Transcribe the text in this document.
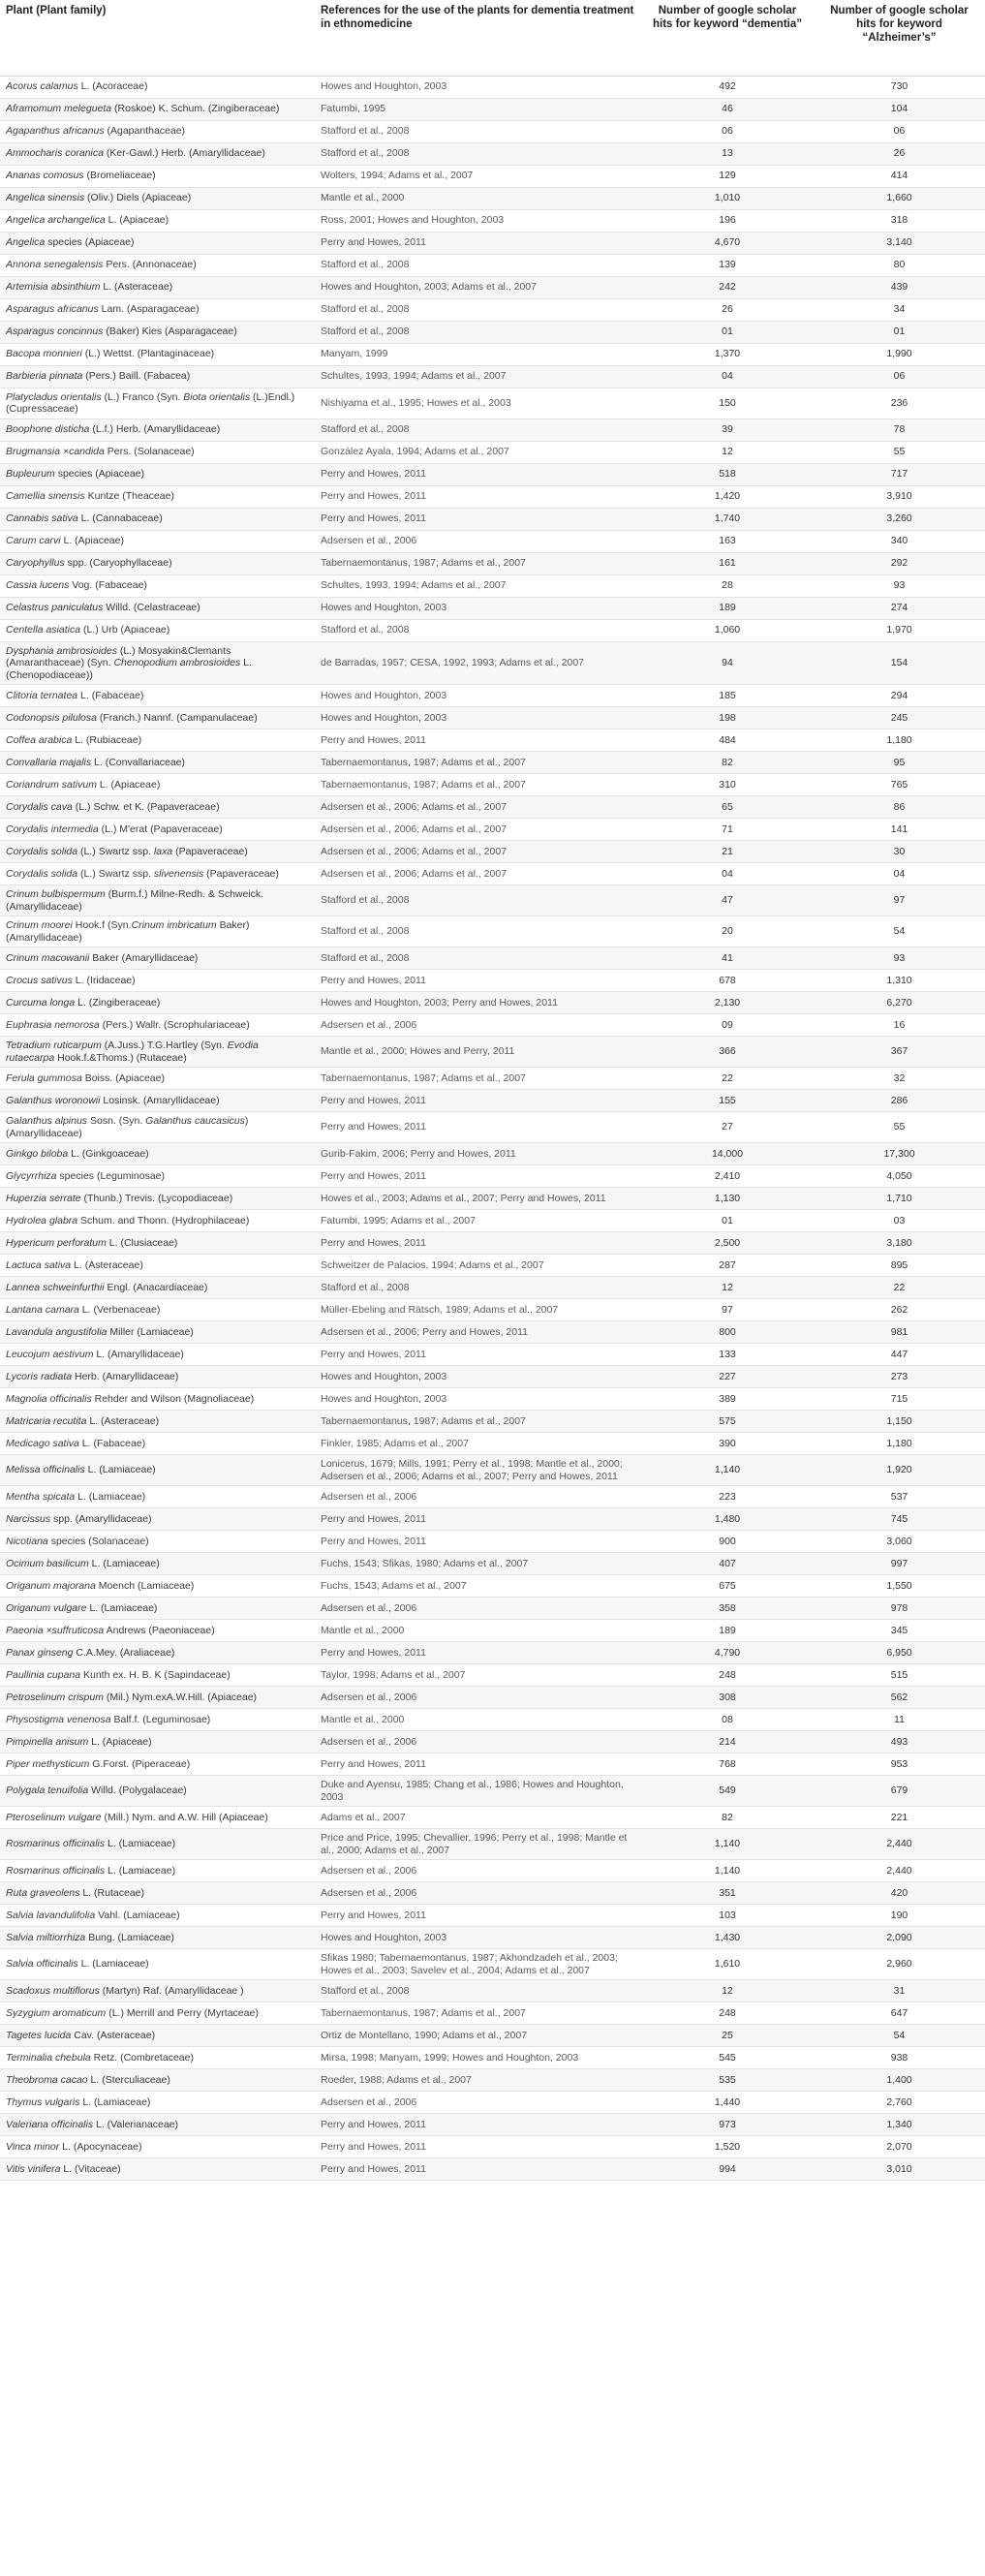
Plant (Plant family)	References for the use of the plants for dementia treatment in ethnomedicine	Number of google scholar hits for keyword “dementia”	Number of google scholar hits for keyword “Alzheimer’s”
Acorus calamus L. (Acoraceae)	Howes and Houghton, 2003	492	730
Aframomum melegueta (Roskoe) K. Schum. (Zingiberaceae)	Fatumbi, 1995	46	104
Agapanthus africanus (Agapanthaceae)	Stafford et al., 2008	06	06
Ammocharis coranica (Ker-Gawl.) Herb. (Amaryllidaceae)	Stafford et al., 2008	13	26
Ananas comosus (Bromeliaceae)	Wolters, 1994; Adams et al., 2007	129	414
Angelica sinensis (Oliv.) Diels (Apiaceae)	Mantle et al., 2000	1,010	1,660
Angelica archangelica L. (Apiaceae)	Ross, 2001; Howes and Houghton, 2003	196	318
Angelica species (Apiaceae)	Perry and Howes, 2011	4,670	3,140
Annona senegalensis Pers. (Annonaceae)	Stafford et al., 2008	139	80
Artemisia absinthium L. (Asteraceae)	Howes and Houghton, 2003; Adams et al., 2007	242	439
Asparagus africanus Lam. (Asparagaceae)	Stafford et al., 2008	26	34
Asparagus concinnus (Baker) Kies (Asparagaceae)	Stafford et al., 2008	01	01
Bacopa monnieri (L.) Wettst. (Plantaginaceae)	Manyam, 1999	1,370	1,990
Barbieria pinnata (Pers.) Baill. (Fabacea)	Schultes, 1993, 1994; Adams et al., 2007	04	06
Platycladus orientalis (L.) Franco (Syn. Biota orientalis (L.)Endl.) (Cupressaceae)	Nishiyama et al., 1995; Howes et al., 2003	150	236
Boophone disticha (L.f.) Herb. (Amaryllidaceae)	Stafford et al., 2008	39	78
Brugmansia ×candida Pers. (Solanaceae)	González Ayala, 1994; Adams et al., 2007	12	55
Bupleurum species (Apiaceae)	Perry and Howes, 2011	518	717
Camellia sinensis Kuntze (Theaceae)	Perry and Howes, 2011	1,420	3,910
Cannabis sativa L. (Cannabaceae)	Perry and Howes, 2011	1,740	3,260
Carum carvi L. (Apiaceae)	Adsersen et al., 2006	163	340
Caryophyllus spp. (Caryophyllaceae)	Tabernaemontanus, 1987; Adams et al., 2007	161	292
Cassia lucens Vog. (Fabaceae)	Schultes, 1993, 1994; Adams et al., 2007	28	93
Celastrus paniculatus Willd. (Celastraceae)	Howes and Houghton, 2003	189	274
Centella asiatica (L.) Urb (Apiaceae)	Stafford et al., 2008	1,060	1,970
Dysphania ambrosioides (L.) Mosyakin&Clemants (Amaranthaceae) (Syn. Chenopodium ambrosioides L.(Chenopodiaceae))	de Barradas, 1957; CESA, 1992, 1993; Adams et al., 2007	94	154
Clitoria ternatea L. (Fabaceae)	Howes and Houghton, 2003	185	294
Codonopsis pilulosa (Franch.) Nannf. (Campanulaceae)	Howes and Houghton, 2003	198	245
Coffea arabica L. (Rubiaceae)	Perry and Howes, 2011	484	1,180
Convallaria majalis L. (Convallariaceae)	Tabernaemontanus, 1987; Adams et al., 2007	82	95
Coriandrum sativum L. (Apiaceae)	Tabernaemontanus, 1987; Adams et al., 2007	310	765
Corydalis cava (L.) Schw. et K. (Papaveraceae)	Adsersen et al., 2006; Adams et al., 2007	65	86
Corydalis intermedia (L.) M'erat (Papaveraceae)	Adsersen et al., 2006; Adams et al., 2007	71	141
Corydalis solida (L.) Swartz ssp. laxa (Papaveraceae)	Adsersen et al., 2006; Adams et al., 2007	21	30
Corydalis solida (L.) Swartz ssp. slivenensis (Papaveraceae)	Adsersen et al., 2006; Adams et al., 2007	04	04
Crinum bulbispermum (Burm.f.) Milne-Redh. & Schweick. (Amaryllidaceae)	Stafford et al., 2008	47	97
Crinum moorei Hook.f (Syn.Crinum imbricatum Baker) (Amaryllidaceae)	Stafford et al., 2008	20	54
Crinum macowanii Baker (Amaryllidaceae)	Stafford et al., 2008	41	93
Crocus sativus L. (Iridaceae)	Perry and Howes, 2011	678	1,310
Curcuma longa L. (Zingiberaceae)	Howes and Houghton, 2003; Perry and Howes, 2011	2,130	6,270
Euphrasia nemorosa (Pers.) Wallr. (Scrophulariaceae)	Adsersen et al., 2006	09	16
Tetradium ruticarpum (A.Juss.) T.G.Hartley (Syn. Evodia rutaecarpa Hook.f.&Thoms.) (Rutaceae)	Mantle et al., 2000; Howes and Perry, 2011	366	367
Ferula gummosa Boiss. (Apiaceae)	Tabernaemontanus, 1987; Adams et al., 2007	22	32
Galanthus woronowii Losinsk. (Amaryllidaceae)	Perry and Howes, 2011	155	286
Galanthus alpinus Sosn. (Syn. Galanthus caucasicus) (Amaryllidaceae)	Perry and Howes, 2011	27	55
Ginkgo biloba L. (Ginkgoaceae)	Gurib-Fakim, 2006; Perry and Howes, 2011	14,000	17,300
Glycyrrhiza species (Leguminosae)	Perry and Howes, 2011	2,410	4,050
Huperzia serrate (Thunb.) Trevis. (Lycopodiaceae)	Howes et al., 2003; Adams et al., 2007; Perry and Howes, 2011	1,130	1,710
Hydrolea glabra Schum. and Thonn. (Hydrophilaceae)	Fatumbi, 1995; Adams et al., 2007	01	03
Hypericum perforatum L. (Clusiaceae)	Perry and Howes, 2011	2,500	3,180
Lactuca sativa L. (Asteraceae)	Schweitzer de Palacios, 1994; Adams et al., 2007	287	895
Lannea schweinfurthii Engl. (Anacardiaceae)	Stafford et al., 2008	12	22
Lantana camara L. (Verbenaceae)	Müller-Ebeling and Rätsch, 1989; Adams et al., 2007	97	262
Lavandula angustifolia Miller (Lamiaceae)	Adsersen et al., 2006; Perry and Howes, 2011	800	981
Leucojum aestivum L. (Amaryllidaceae)	Perry and Howes, 2011	133	447
Lycoris radiata Herb. (Amaryllidaceae)	Howes and Houghton, 2003	227	273
Magnolia officinalis Rehder and Wilson (Magnoliaceae)	Howes and Houghton, 2003	389	715
Matricaria recutita L. (Asteraceae)	Tabernaemontanus, 1987; Adams et al., 2007	575	1,150
Medicago sativa L. (Fabaceae)	Finkler, 1985; Adams et al., 2007	390	1,180
Melissa officinalis L. (Lamiaceae)	Lonicerus, 1679; Mills, 1991; Perry et al., 1998; Mantle et al., 2000; Adsersen et al., 2006; Adams et al., 2007; Perry and Howes, 2011	1,140	1,920
Mentha spicata L. (Lamiaceae)	Adsersen et al., 2006	223	537
Narcissus spp. (Amaryllidaceae)	Perry and Howes, 2011	1,480	745
Nicotiana species (Solanaceae)	Perry and Howes, 2011	900	3,060
Ocimum basilicum L. (Lamiaceae)	Fuchs, 1543; Sfikas, 1980; Adams et al., 2007	407	997
Origanum majorana Moench (Lamiaceae)	Fuchs, 1543; Adams et al., 2007	675	1,550
Origanum vulgare L. (Lamiaceae)	Adsersen et al., 2006	358	978
Paeonia ×suffruticosa Andrews (Paeoniaceae)	Mantle et al., 2000	189	345
Panax ginseng C.A.Mey. (Araliaceae)	Perry and Howes, 2011	4,790	6,950
Paullinia cupana Kunth ex. H. B. K (Sapindaceae)	Taylor, 1998; Adams et al., 2007	248	515
Petroselinum crispum (Mil.) Nym.exA.W.Hill. (Apiaceae)	Adsersen et al., 2006	308	562
Physostigma venenosa Balf.f. (Leguminosae)	Mantle et al., 2000	08	11
Pimpinella anisum L. (Apiaceae)	Adsersen et al., 2006	214	493
Piper methysticum G.Forst. (Piperaceae)	Perry and Howes, 2011	768	953
Polygala tenuifolia Willd. (Polygalaceae)	Duke and Ayensu, 1985; Chang et al., 1986; Howes and Houghton, 2003	549	679
Pteroselinum vulgare (Mill.) Nym. and A.W. Hill (Apiaceae)	Adams et al., 2007	82	221
Rosmarinus officinalis L. (Lamiaceae)	Price and Price, 1995; Chevallier, 1996; Perry et al., 1998; Mantle et al., 2000; Adams et al., 2007	1,140	2,440
Rosmarinus officinalis L. (Lamiaceae)	Adsersen et al., 2006	1,140	2,440
Ruta graveolens L. (Rutaceae)	Adsersen et al., 2006	351	420
Salvia lavandulifolia Vahl. (Lamiaceae)	Perry and Howes, 2011	103	190
Salvia miltiorrhiza Bung. (Lamiaceae)	Howes and Houghton, 2003	1,430	2,090
Salvia officinalis L. (Lamiaceae)	Sfikas 1980; Tabernaemontanus, 1987; Akhondzadeh et al., 2003; Howes et al., 2003; Savelev et al., 2004; Adams et al., 2007	1,610	2,960
Scadoxus multiflorus (Martyn) Raf. (Amaryllidaceae )	Stafford et al., 2008	12	31
Syzygium aromaticum (L.) Merrill and Perry (Myrtaceae)	Tabernaemontanus, 1987; Adams et al., 2007	248	647
Tagetes lucida Cav. (Asteraceae)	Ortiz de Montellano, 1990; Adams et al., 2007	25	54
Terminalia chebula Retz. (Combretaceae)	Mirsa, 1998; Manyam, 1999; Howes and Houghton, 2003	545	938
Theobroma cacao L. (Sterculiaceae)	Roeder, 1988; Adams et al., 2007	535	1,400
Thymus vulgaris L. (Lamiaceae)	Adsersen et al., 2006	1,440	2,760
Valeriana officinalis L. (Valerianaceae)	Perry and Howes, 2011	973	1,340
Vinca minor L. (Apocynaceae)	Perry and Howes, 2011	1,520	2,070
Vitis vinifera L. (Vitaceae)	Perry and Howes, 2011	994	3,010
